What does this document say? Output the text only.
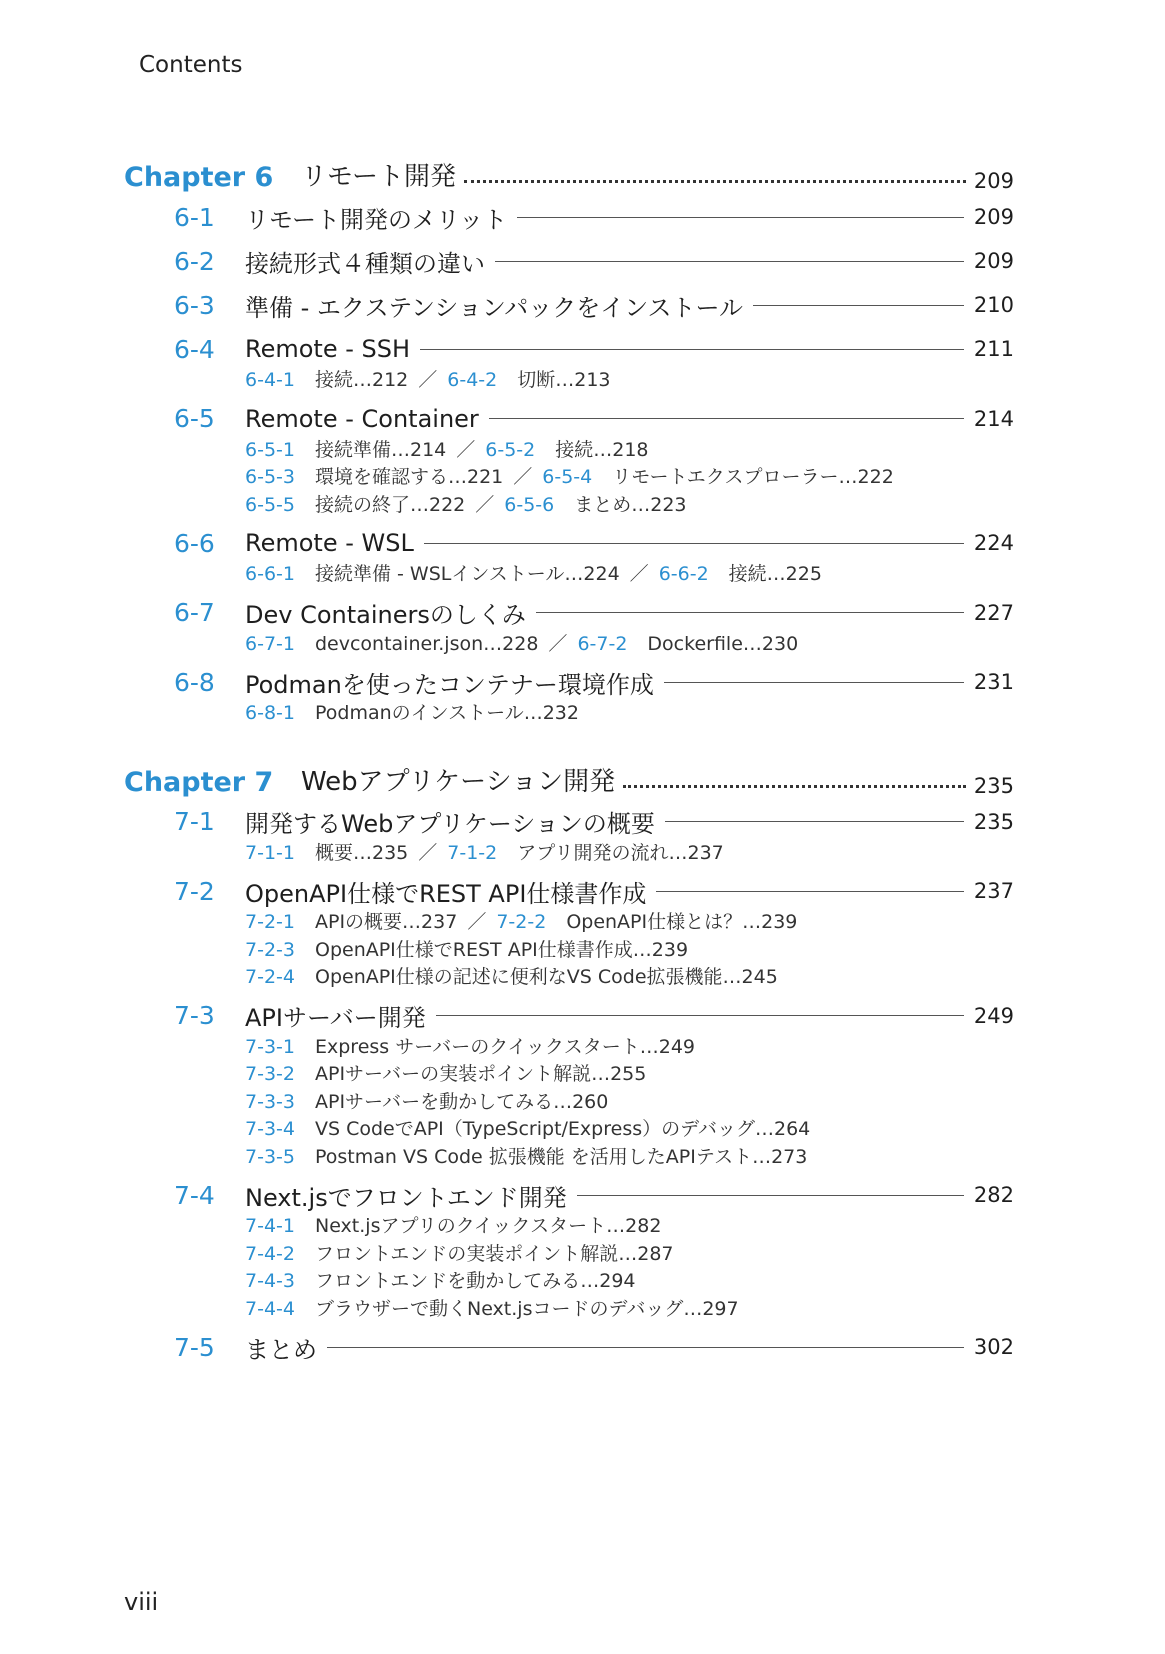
Contents
Chapter 6	リモート開発	209
6-1	リモート開発のメリット	209
6-2	接続形式４種類の違い	209
6-3	準備 - エクステンションパックをインストール	210
6-4	Remote - SSH	211
6-4-1 接続…212 ／ 6-4-2 切断…213
6-5	Remote - Container	214
6-5-1 接続準備…214 ／ 6-5-2 接続…218
6-5-3 環境を確認する…221 ／ 6-5-4 リモートエクスプローラー…222
6-5-5 接続の終了…222 ／ 6-5-6 まとめ…223
6-6	Remote - WSL	224
6-6-1 接続準備 - WSLインストール…224 ／ 6-6-2 接続…225
6-7	Dev Containersのしくみ	227
6-7-1 devcontainer.json…228 ／ 6-7-2 Dockerfile…230
6-8	Podmanを使ったコンテナー環境作成	231
6-8-1 Podmanのインストール…232
Chapter 7	Webアプリケーション開発	235
7-1	開発するWebアプリケーションの概要	235
7-1-1 概要…235 ／ 7-1-2 アプリ開発の流れ…237
7-2	OpenAPI仕様でREST API仕様書作成	237
7-2-1 APIの概要…237 ／ 7-2-2 OpenAPI仕様とは？…239
7-2-3 OpenAPI仕様でREST API仕様書作成…239
7-2-4 OpenAPI仕様の記述に便利なVS Code拡張機能…245
7-3	APIサーバー開発	249
7-3-1 Express サーバーのクイックスタート…249
7-3-2 APIサーバーの実装ポイント解説…255
7-3-3 APIサーバーを動かしてみる…260
7-3-4 VS CodeでAPI（TypeScript/Express）のデバッグ…264
7-3-5 Postman VS Code 拡張機能 を活用したAPIテスト…273
7-4	Next.jsでフロントエンド開発	282
7-4-1 Next.jsアプリのクイックスタート…282
7-4-2 フロントエンドの実装ポイント解説…287
7-4-3 フロントエンドを動かしてみる…294
7-4-4 ブラウザーで動くNext.jsコードのデバッグ…297
7-5	まとめ	302
viii
